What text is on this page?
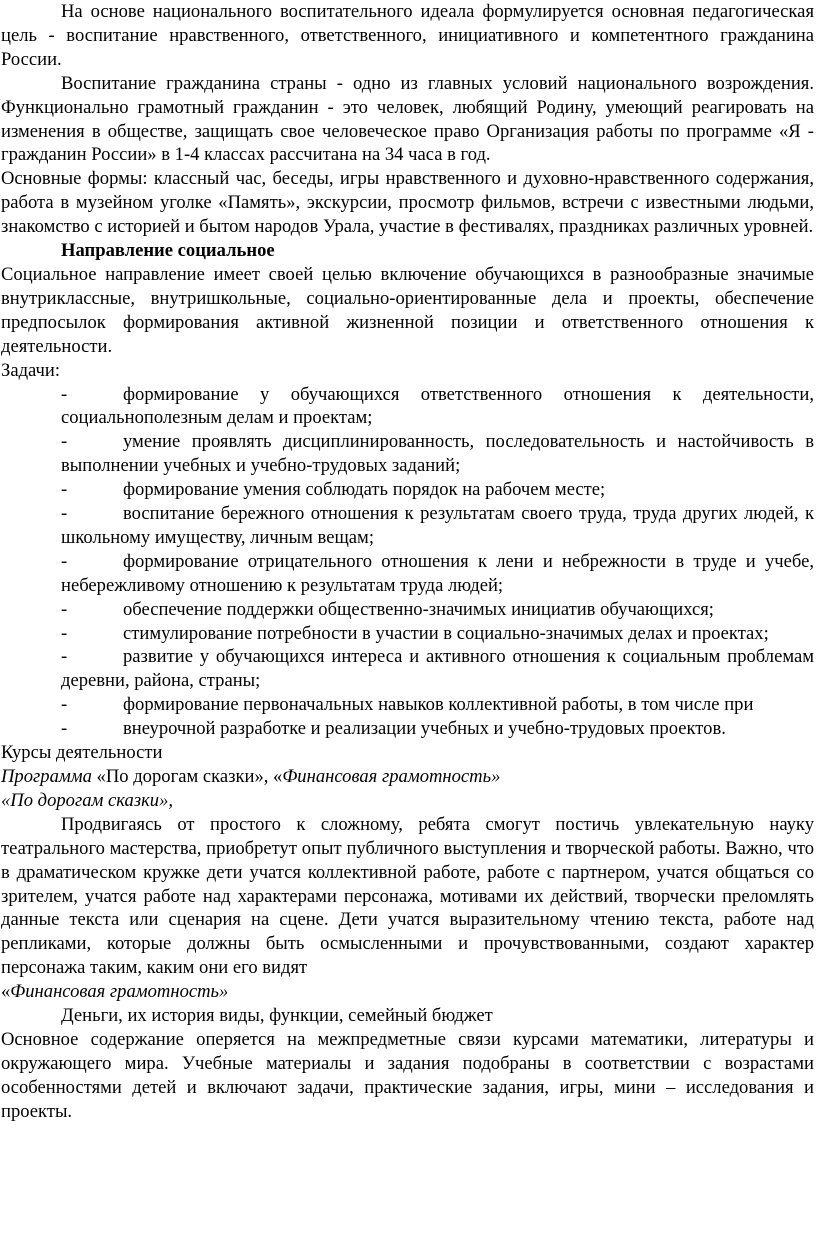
На основе национального воспитательного идеала формулируется основная педагогическая цель - воспитание нравственного, ответственного, инициативного и компетентного гражданина России.

Воспитание гражданина страны - одно из главных условий национального возрождения. Функционально грамотный гражданин - это человек, любящий Родину, умеющий реагировать на изменения в обществе, защищать свое человеческое право Организация работы по программе «Я - гражданин России» в 1-4 классах рассчитана на 34 часа в год.

Основные формы: классный час, беседы, игры нравственного и духовно-нравственного содержания, работа в музейном уголке «Память», экскурсии, просмотр фильмов, встречи с известными людьми, знакомство с историей и бытом народов Урала, участие в фестивалях, праздниках различных уровней.

Направление социальное

Социальное направление имеет своей целью включение обучающихся в разнообразные значимые внутриклассные, внутришкольные, социально-ориентированные дела и проекты, обеспечение предпосылок формирования активной жизненной позиции и ответственного отношения к деятельности.

Задачи:

-	формирование у обучающихся ответственного отношения к деятельности, социальнополезным делам и проектам;

-	умение проявлять дисциплинированность, последовательность и настойчивость в выполнении учебных и учебно-трудовых заданий;

-	формирование умения соблюдать порядок на рабочем месте;

-	воспитание бережного отношения к результатам своего труда, труда других людей, к школьному имуществу, личным вещам;

-	формирование отрицательного отношения к лени и небрежности в труде и учебе, небережливому отношению к результатам труда людей;

-	обеспечение поддержки общественно-значимых инициатив обучающихся;

-	стимулирование потребности в участии в социально-значимых делах и проектах;

-	развитие у обучающихся интереса и активного отношения к социальным проблемам деревни, района, страны;

-	формирование первоначальных навыков коллективной работы, в том числе при

-	внеурочной разработке и реализации учебных и учебно-трудовых проектов.

Курсы деятельности

Программа «По дорогам сказки», «Финансовая грамотность»

«По дорогам сказки»,

Продвигаясь от простого к сложному, ребята смогут постичь увлекательную науку театрального мастерства, приобретут опыт публичного выступления и творческой работы. Важно, что в драматическом кружке дети учатся коллективной работе, работе с партнером, учатся общаться со зрителем, учатся работе над характерами персонажа, мотивами их действий, творчески преломлять данные текста или сценария на сцене. Дети учатся выразительному чтению текста, работе над репликами, которые должны быть осмысленными и прочувствованными, создают характер персонажа таким, каким они его видят

«Финансовая грамотность»

Деньги, их история виды, функции, семейный бюджет

Основное содержание оперяется на межпредметные связи курсами математики, литературы и окружающего мира. Учебные материалы и задания подобраны в соответствии с возрастами особенностями детей и включают задачи, практические задания, игры, мини – исследования и проекты.
